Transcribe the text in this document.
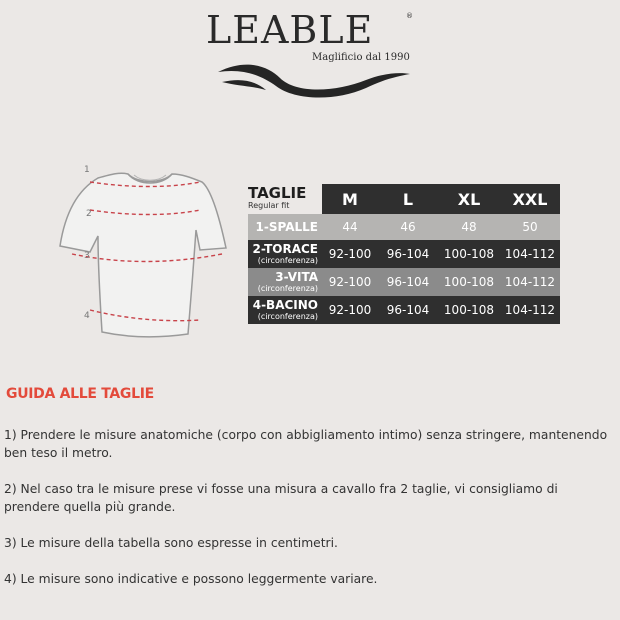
LEABLE	®
Maglificio dal 1990
1
2
3
4
TAGLIE
Regular fit	M	L	XL	XXL

1-SPALLE	44	46	48	50

2-TORACE
(circonferenza)	92-100	96-104	100-108	104-112

3-VITA
(circonferenza)	92-100	96-104	100-108	104-112

4-BACINO
(circonferenza)	92-100	96-104	100-108	104-112
GUIDA ALLE TAGLIE
1) Prendere le misure anatomiche (corpo con abbigliamento intimo) senza stringere, mantenendo ben teso il metro.
2) Nel caso tra le misure prese vi fosse una misura a cavallo fra 2 taglie, vi consigliamo di prendere quella più grande.
3) Le misure della tabella sono espresse in centimetri.
4) Le misure sono indicative e possono leggermente variare.
